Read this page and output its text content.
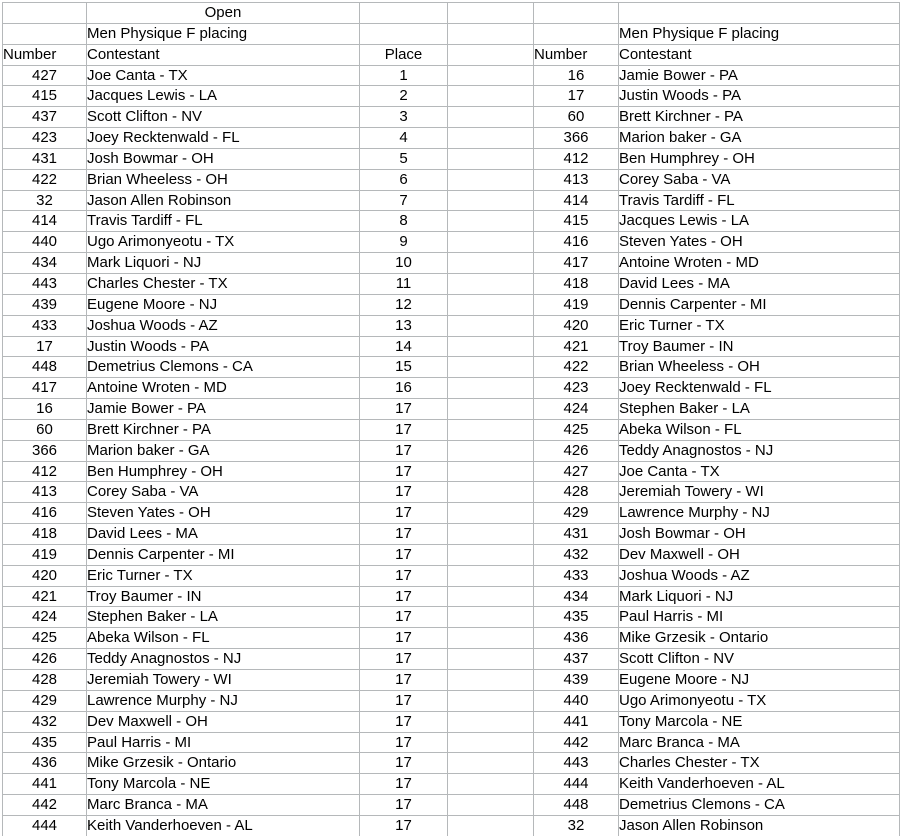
	Open				
	Men Physique F placing				Men Physique F placing
Number	Contestant	Place		Number	Contestant
427	Joe Canta - TX	1		16	Jamie Bower - PA
415	Jacques Lewis - LA	2		17	Justin Woods - PA
437	Scott Clifton - NV	3		60	Brett Kirchner - PA
423	Joey Recktenwald - FL	4		366	Marion baker - GA
431	Josh Bowmar - OH	5		412	Ben Humphrey - OH
422	Brian Wheeless - OH	6		413	Corey Saba - VA
32	Jason Allen Robinson	7		414	Travis Tardiff - FL
414	Travis Tardiff - FL	8		415	Jacques Lewis - LA
440	Ugo Arimonyeotu - TX	9		416	Steven Yates - OH
434	Mark Liquori - NJ	10		417	Antoine Wroten - MD
443	Charles Chester - TX	11		418	David Lees - MA
439	Eugene Moore - NJ	12		419	Dennis Carpenter - MI
433	Joshua Woods - AZ	13		420	Eric Turner - TX
17	Justin Woods - PA	14		421	Troy Baumer - IN
448	Demetrius Clemons - CA	15		422	Brian Wheeless - OH
417	Antoine Wroten - MD	16		423	Joey Recktenwald - FL
16	Jamie Bower - PA	17		424	Stephen Baker - LA
60	Brett Kirchner - PA	17		425	Abeka Wilson - FL
366	Marion baker - GA	17		426	Teddy Anagnostos - NJ
412	Ben Humphrey - OH	17		427	Joe Canta - TX
413	Corey Saba - VA	17		428	Jeremiah Towery - WI
416	Steven Yates - OH	17		429	Lawrence Murphy - NJ
418	David Lees - MA	17		431	Josh Bowmar - OH
419	Dennis Carpenter - MI	17		432	Dev Maxwell - OH
420	Eric Turner - TX	17		433	Joshua Woods - AZ
421	Troy Baumer - IN	17		434	Mark Liquori - NJ
424	Stephen Baker - LA	17		435	Paul Harris - MI
425	Abeka Wilson - FL	17		436	Mike Grzesik - Ontario
426	Teddy Anagnostos - NJ	17		437	Scott Clifton - NV
428	Jeremiah Towery - WI	17		439	Eugene Moore - NJ
429	Lawrence Murphy - NJ	17		440	Ugo Arimonyeotu - TX
432	Dev Maxwell - OH	17		441	Tony Marcola - NE
435	Paul Harris - MI	17		442	Marc Branca - MA
436	Mike Grzesik - Ontario	17		443	Charles Chester - TX
441	Tony Marcola - NE	17		444	Keith Vanderhoeven - AL
442	Marc Branca - MA	17		448	Demetrius Clemons - CA
444	Keith Vanderhoeven - AL	17		32	Jason Allen Robinson
